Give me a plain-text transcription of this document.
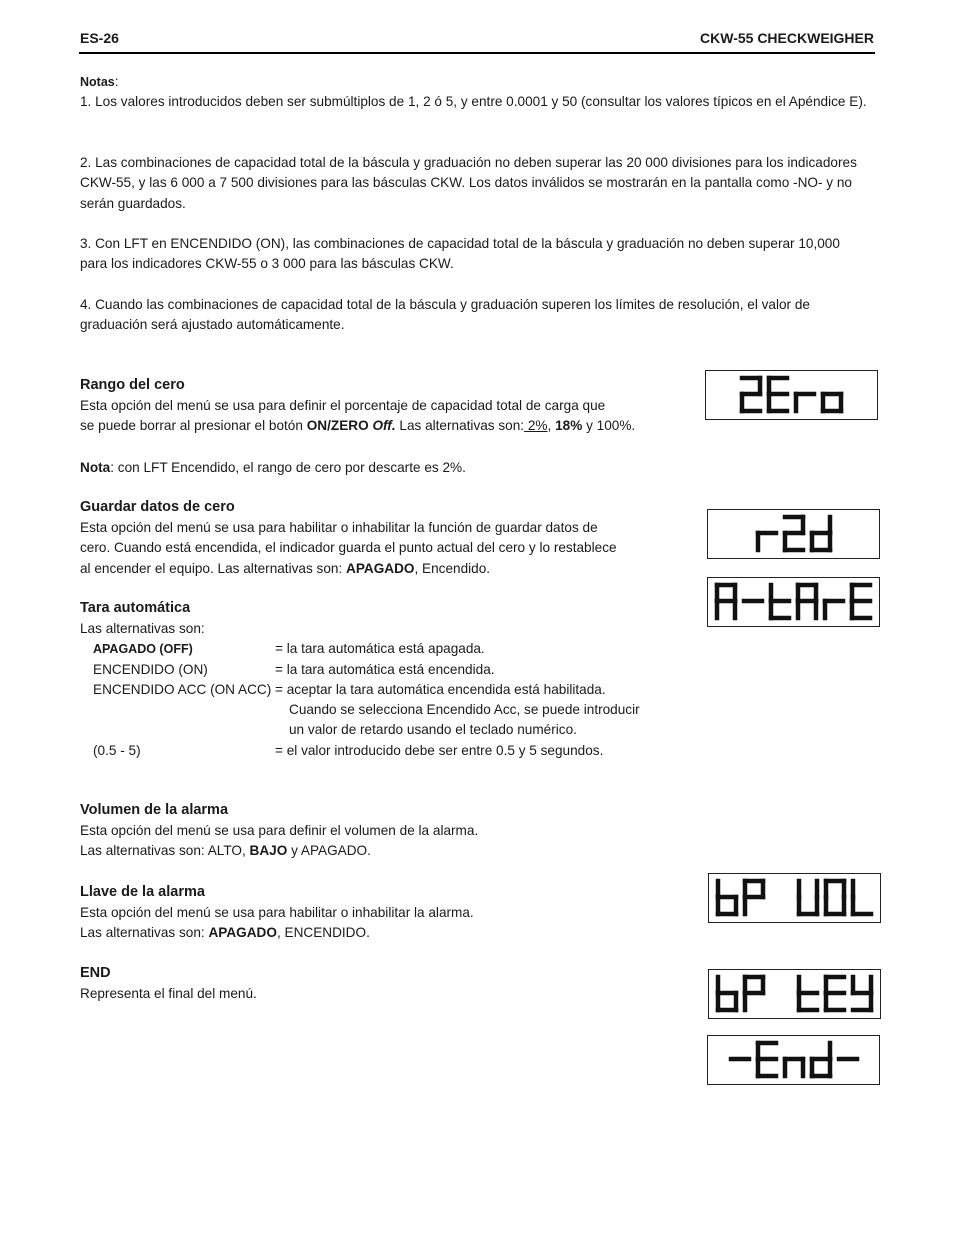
ES-26	CKW-55 CHECKWEIGHER

Notas:

1. Los valores introducidos deben ser submúltiplos de 1, 2 ó 5, y entre 0.0001 y 50 (consultar los valores típicos en el Apéndice E).

2. Las combinaciones de capacidad total de la báscula y graduación no deben superar las 20 000 divisiones para los indicadores CKW-55, y las 6 000 a 7 500 divisiones para las básculas CKW. Los datos inválidos se mostrarán en la pantalla como -NO- y no serán guardados.

3. Con LFT en ENCENDIDO (ON), las combinaciones de capacidad total de la báscula y graduación no deben superar 10,000 para los indicadores CKW-55 o 3 000 para las básculas CKW.

4. Cuando las combinaciones de capacidad total de la báscula y graduación superen los límites de resolución, el valor de graduación será ajustado automáticamente.

Rango del cero

Esta opción del menú se usa para definir el porcentaje de capacidad total de carga que

se puede borrar al presionar el botón ON/ZERO Off. Las alternativas son: 2%, 18% y 100%.

Nota: con LFT Encendido, el rango de cero por descarte es 2%.

Guardar datos de cero

Esta opción del menú se usa para habilitar o inhabilitar la función de guardar datos de

cero. Cuando está encendida, el indicador guarda el punto actual del cero y lo restablece

al encender el equipo. Las alternativas son: APAGADO, Encendido.

Tara automática

Las alternativas son:

APAGADO (OFF)	= la tara automática está apagada.	
ENCENDIDO (ON)	= la tara automática está encendida.	
ENCENDIDO ACC (ON ACC)	= aceptar la tara automática encendida está habilitada.	
		Cuando se selecciona Encendido Acc, se puede introducir
		un valor de retardo usando el teclado numérico.
(0.5 - 5)	= el valor introducido debe ser entre 0.5 y 5 segundos.	

Volumen de la alarma

Esta opción del menú se usa para definir el volumen de la alarma.

Las alternativas son: ALTO, BAJO y APAGADO.

Llave de la alarma

Esta opción del menú se usa para habilitar o inhabilitar la alarma.

Las alternativas son: APAGADO, ENCENDIDO.

END

Representa el final del menú.
